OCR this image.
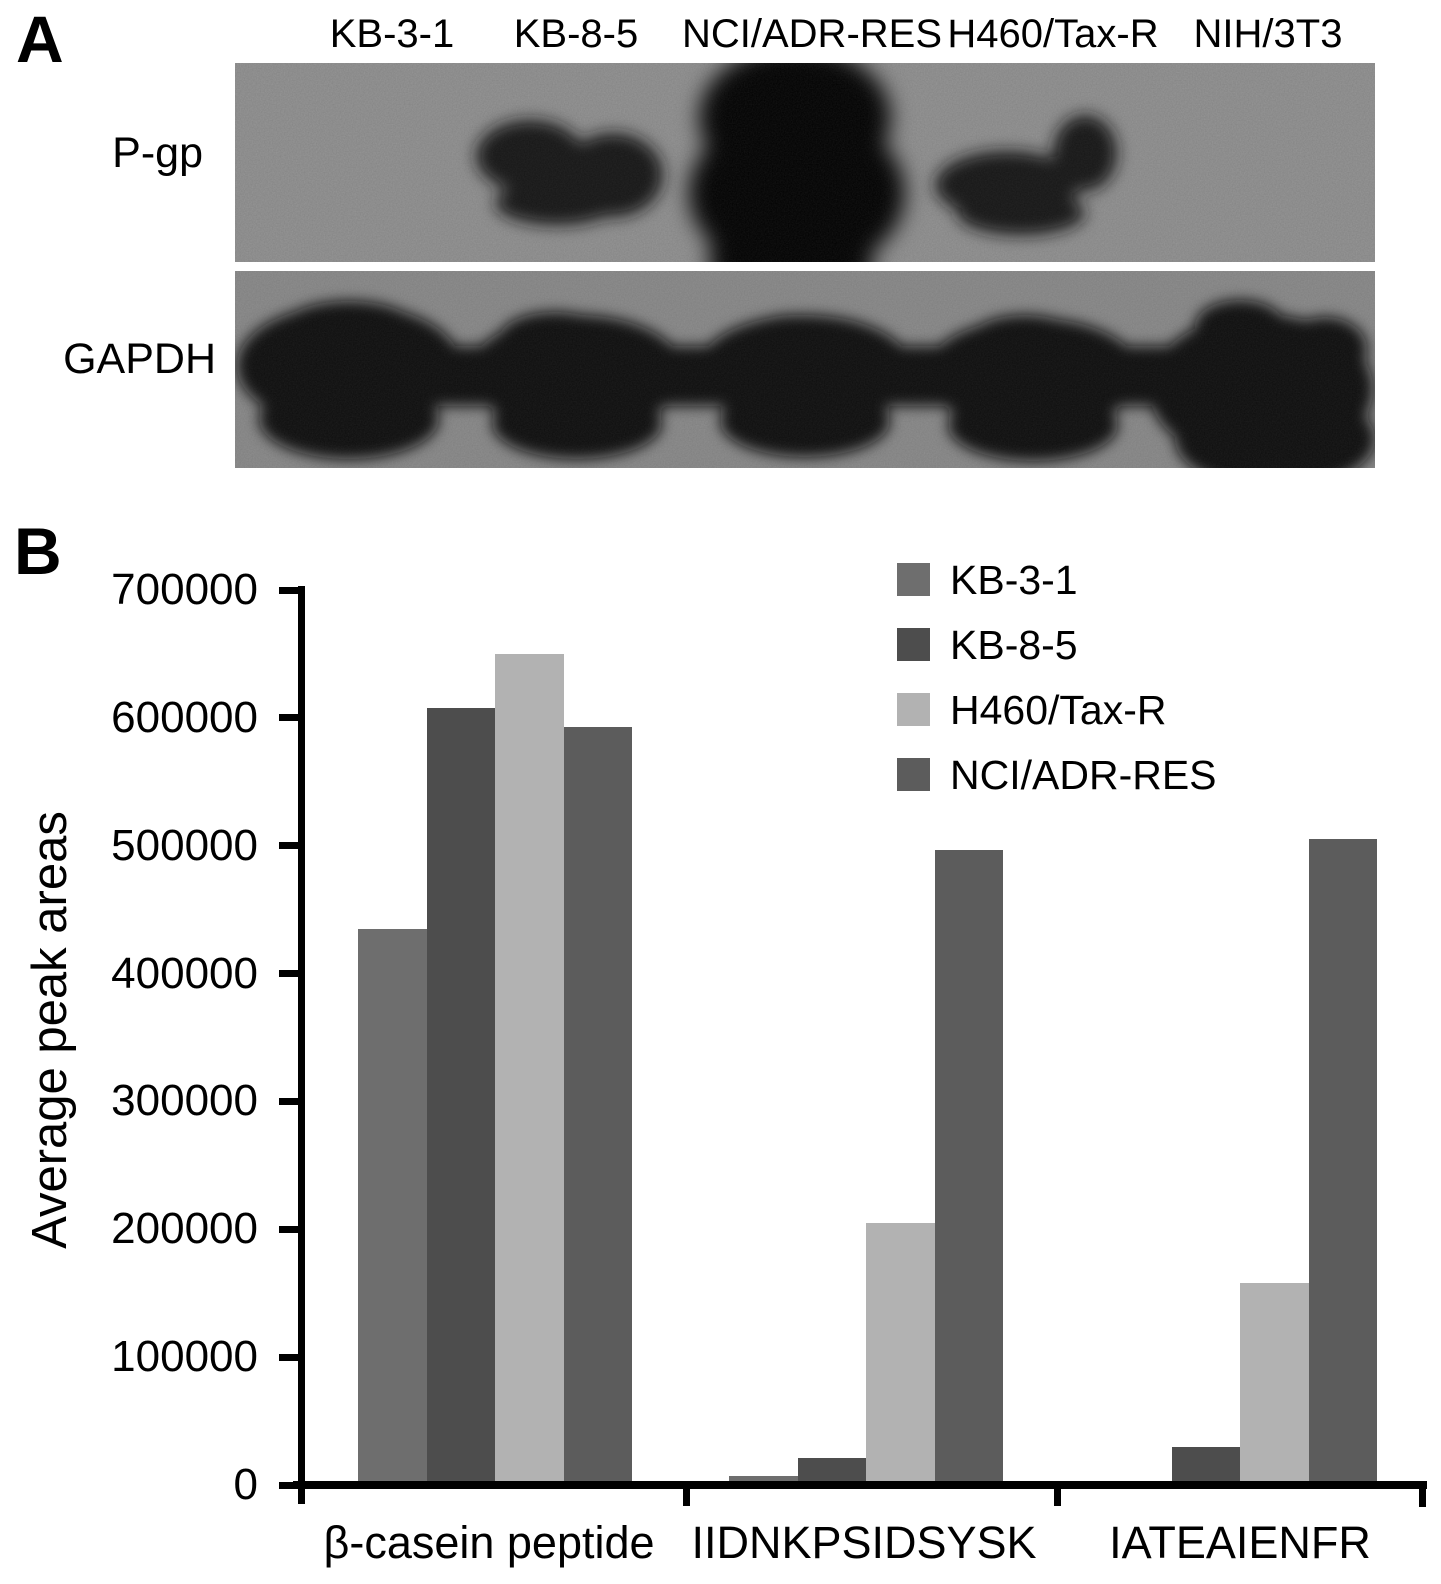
A	KB-3-1 KB-8-5 NCI/ADR-RES H460/Tax-R NIH/3T3
P-gp
GAPDH
B
Average peak areas
0
100000
200000
300000
400000
500000
600000
700000
β-casein peptide IIDNKPSIDSYSK IATEAIENFR
KB-3-1
KB-8-5
H460/Tax-R
NCI/ADR-RES
